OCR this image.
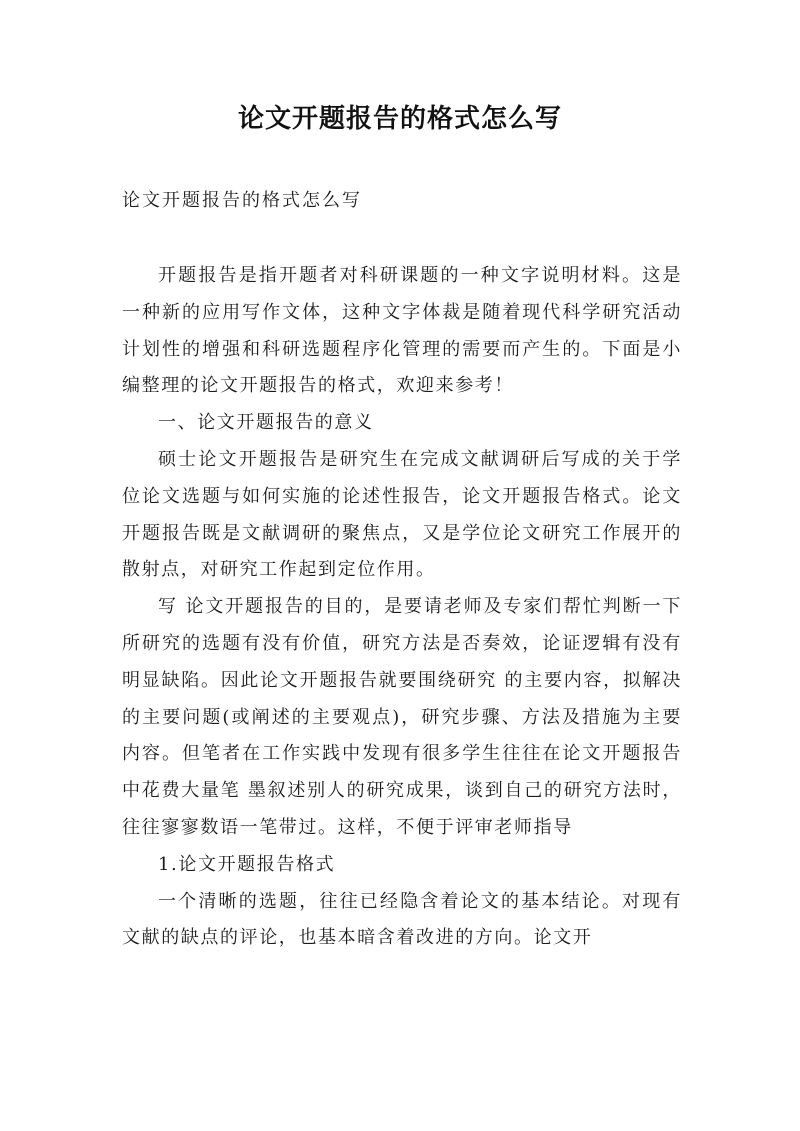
论文开题报告的格式怎么写

论文开题报告的格式怎么写

开题报告是指开题者对科研课题的一种文字说明材料。这是一种新的应用写作文体，这种文字体裁是随着现代科学研究活动计划性的增强和科研选题程序化管理的需要而产生的。下面是小编整理的论文开题报告的格式，欢迎来参考！

一、论文开题报告的意义

硕士论文开题报告是研究生在完成文献调研后写成的关于学位论文选题与如何实施的论述性报告，论文开题报告格式。论文开题报告既是文献调研的聚焦点，又是学位论文研究工作展开的散射点，对研究工作起到定位作用。

写 论文开题报告的目的，是要请老师及专家们帮忙判断一下所研究的选题有没有价值，研究方法是否奏效，论证逻辑有没有明显缺陷。因此论文开题报告就要围绕研究 的主要内容，拟解决的主要问题(或阐述的主要观点)，研究步骤、方法及措施为主要内容。但笔者在工作实践中发现有很多学生往往在论文开题报告中花费大量笔 墨叙述别人的研究成果，谈到自己的研究方法时，往往寥寥数语一笔带过。这样，不便于评审老师指导

1.论文开题报告格式

一个清晰的选题，往往已经隐含着论文的基本结论。对现有文献的缺点的评论，也基本暗含着改进的方向。论文开
